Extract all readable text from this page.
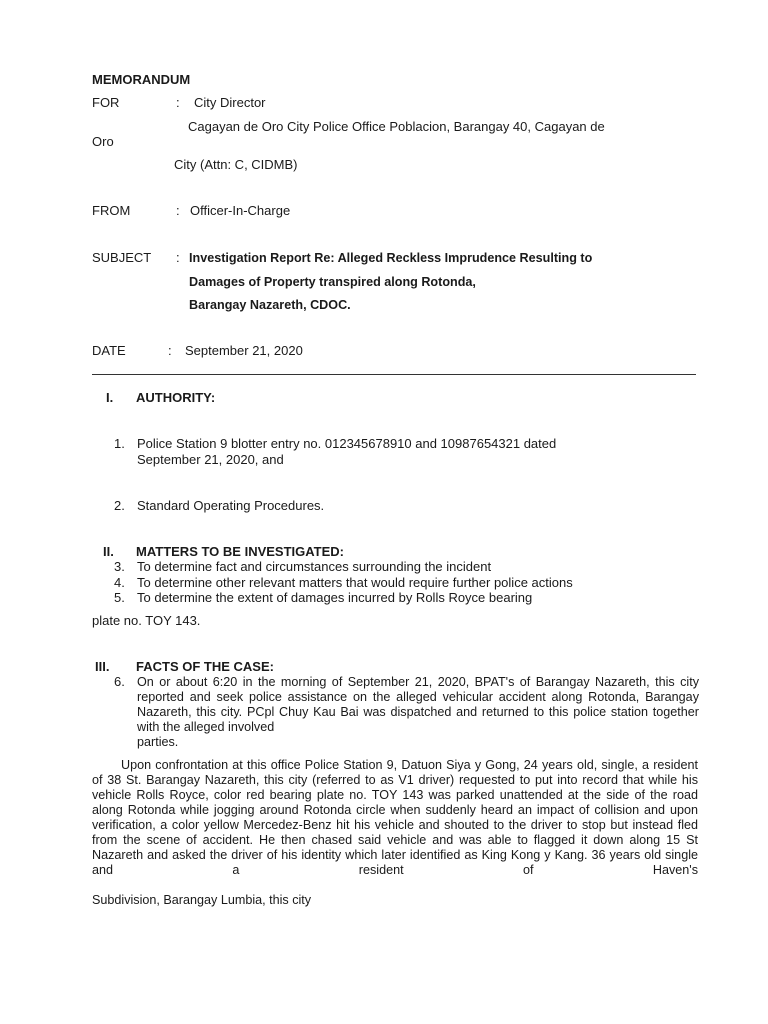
MEMORANDUM
FOR	: City Director
Cagayan de Oro City Police Office Poblacion, Barangay 40, Cagayan de
Oro
City (Attn: C, CIDMB)
FROM	: Officer-In-Charge
SUBJECT : Investigation Report Re: Alleged Reckless Imprudence Resulting to
Damages of Property transpired along Rotonda,
Barangay Nazareth, CDOC.
DATE	: September 21, 2020
I. AUTHORITY:
1. Police Station 9 blotter entry no. 012345678910 and 10987654321 dated
September 21, 2020, and
2. Standard Operating Procedures.
II. MATTERS TO BE INVESTIGATED:
3. To determine fact and circumstances surrounding the incident
4. To determine other relevant matters that would require further police actions
5. To determine the extent of damages incurred by Rolls Royce bearing
plate no. TOY 143.
III. FACTS OF THE CASE:
6. On or about 6:20 in the morning of September 21, 2020, BPAT's of Barangay Nazareth, this city reported and seek police assistance on the alleged vehicular accident along Rotonda, Barangay Nazareth, this city. PCpl Chuy Kau Bai was dispatched and returned to this police station together with the alleged involved
parties.
Upon confrontation at this office Police Station 9, Datuon Siya y Gong, 24 years old, single, a resident of 38 St. Barangay Nazareth, this city (referred to as V1 driver) requested to put into record that while his vehicle Rolls Royce, color red bearing plate no. TOY 143 was parked unattended at the side of the road along Rotonda while jogging around Rotonda circle when suddenly heard an impact of collision and upon verification, a color yellow Mercedez-Benz hit his vehicle and shouted to the driver to stop but instead fled from the scene of accident. He then chased said vehicle and was able to flagged it down along 15 St Nazareth and asked the driver of his identity which later identified as King Kong y Kang. 36 years old single and a resident of Haven's
Subdivision, Barangay Lumbia, this city
